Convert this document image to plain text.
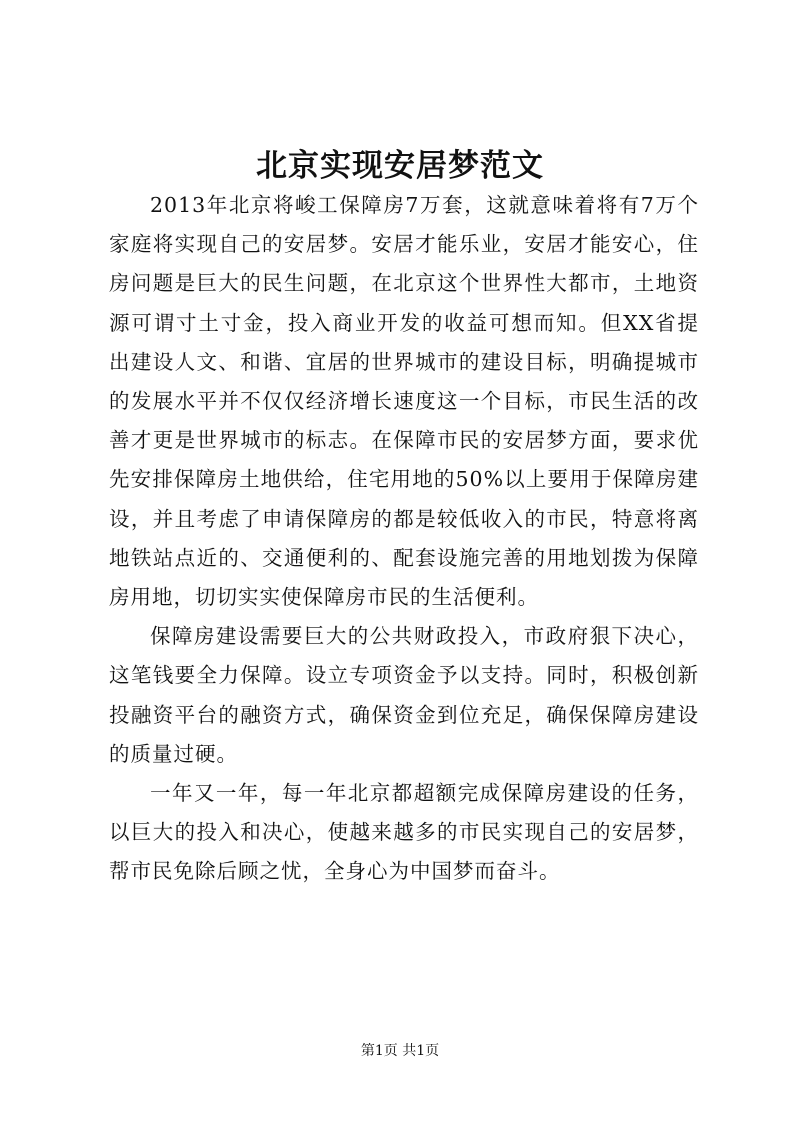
北京实现安居梦范文

2013年北京将峻工保障房7万套，这就意味着将有7万个家庭将实现自己的安居梦。安居才能乐业，安居才能安心，住房问题是巨大的民生问题，在北京这个世界性大都市，土地资源可谓寸土寸金，投入商业开发的收益可想而知。但XX省提出建设人文、和谐、宜居的世界城市的建设目标，明确提城市的发展水平并不仅仅经济增长速度这一个目标，市民生活的改善才更是世界城市的标志。在保障市民的安居梦方面，要求优先安排保障房土地供给，住宅用地的50%以上要用于保障房建设，并且考虑了申请保障房的都是较低收入的市民，特意将离地铁站点近的、交通便利的、配套设施完善的用地划拨为保障房用地，切切实实使保障房市民的生活便利。

保障房建设需要巨大的公共财政投入，市政府狠下决心，这笔钱要全力保障。设立专项资金予以支持。同时，积极创新投融资平台的融资方式，确保资金到位充足，确保保障房建设的质量过硬。

一年又一年，每一年北京都超额完成保障房建设的任务，以巨大的投入和决心，使越来越多的市民实现自己的安居梦，帮市民免除后顾之忧，全身心为中国梦而奋斗。

第1页 共1页
